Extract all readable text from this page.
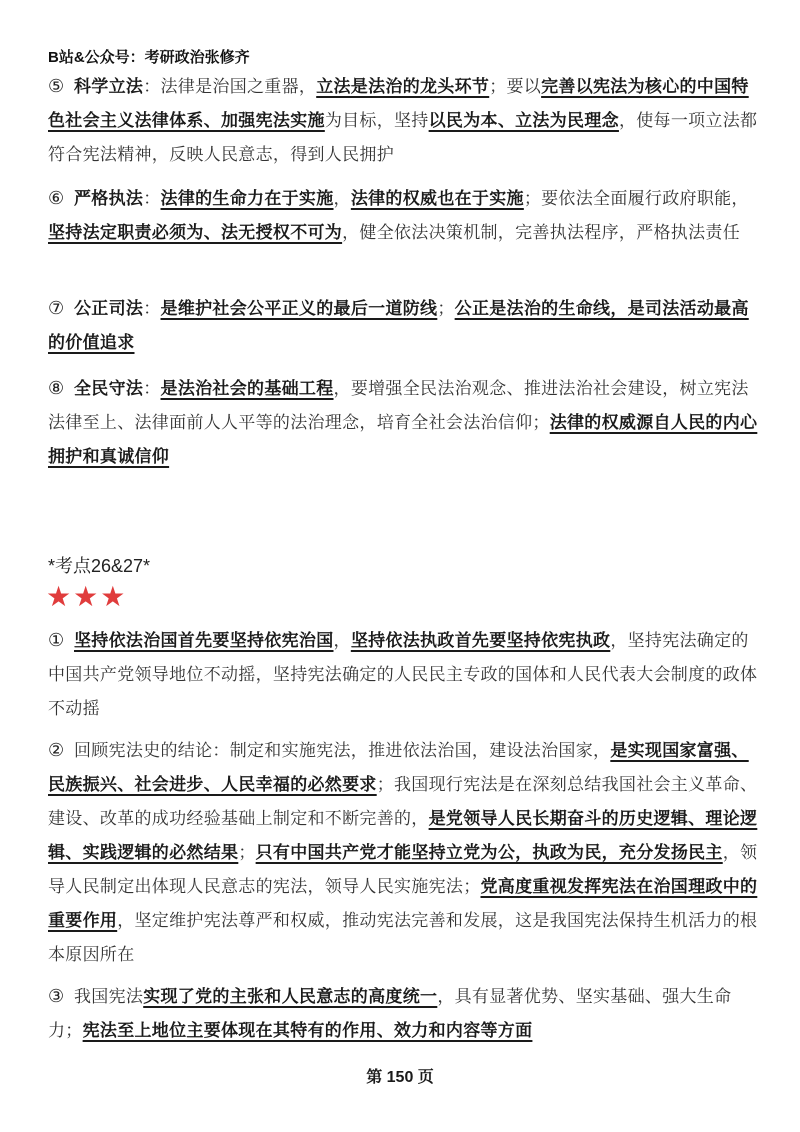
B站&公众号：考研政治张修齐
⑤ 科学立法：法律是治国之重器，立法是法治的龙头环节；要以完善以宪法为核心的中国特色社会主义法律体系、加强宪法实施为目标，坚持以民为本、立法为民理念，使每一项立法都符合宪法精神，反映人民意志，得到人民拥护
⑥ 严格执法：法律的生命力在于实施，法律的权威也在于实施；要依法全面履行政府职能，坚持法定职责必须为、法无授权不可为，健全依法决策机制，完善执法程序，严格执法责任
⑦ 公正司法：是维护社会公平正义的最后一道防线；公正是法治的生命线，是司法活动最高的价值追求
⑧ 全民守法：是法治社会的基础工程，要增强全民法治观念、推进法治社会建设，树立宪法法律至上、法律面前人人平等的法治理念，培育全社会法治信仰；法律的权威源自人民的内心拥护和真诚信仰
*考点26&27*
★★★
① 坚持依法治国首先要坚持依宪治国，坚持依法执政首先要坚持依宪执政，坚持宪法确定的中国共产党领导地位不动摇，坚持宪法确定的人民民主专政的国体和人民代表大会制度的政体不动摇
② 回顾宪法史的结论：制定和实施宪法，推进依法治国，建设法治国家，是实现国家富强、民族振兴、社会进步、人民幸福的必然要求；我国现行宪法是在深刻总结我国社会主义革命、建设、改革的成功经验基础上制定和不断完善的，是党领导人民长期奋斗的历史逻辑、理论逻辑、实践逻辑的必然结果；只有中国共产党才能坚持立党为公，执政为民，充分发扬民主，领导人民制定出体现人民意志的宪法，领导人民实施宪法；党高度重视发挥宪法在治国理政中的重要作用，坚定维护宪法尊严和权威，推动宪法完善和发展，这是我国宪法保持生机活力的根本原因所在
③ 我国宪法实现了党的主张和人民意志的高度统一，具有显著优势、坚实基础、强大生命力；宪法至上地位主要体现在其特有的作用、效力和内容等方面
第 150 页
